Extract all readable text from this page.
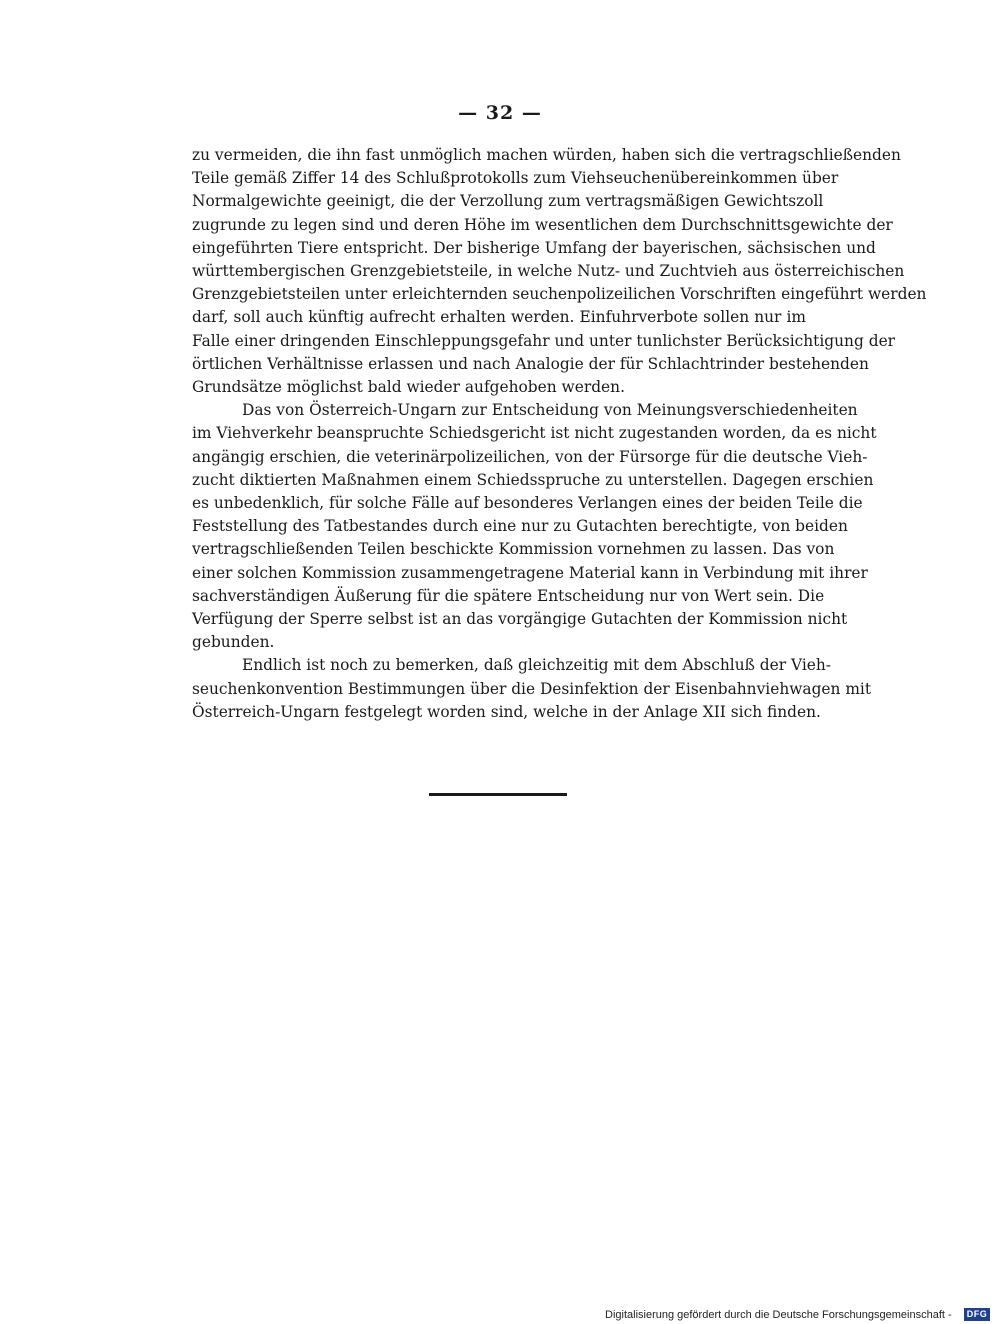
— 32 —
zu vermeiden, die ihn fast unmöglich machen würden, haben sich die vertragschließenden
Teile gemäß Ziffer 14 des Schlußprotokolls zum Viehseuchenübereinkommen über
Normalgewichte geeinigt, die der Verzollung zum vertragsmäßigen Gewichtszoll
zugrunde zu legen sind und deren Höhe im wesentlichen dem Durchschnittsgewichte der
eingeführten Tiere entspricht. Der bisherige Umfang der bayerischen, sächsischen und
württembergischen Grenzgebietsteile, in welche Nutz- und Zuchtvieh aus österreichischen
Grenzgebietsteilen unter erleichternden seuchenpolizeilichen Vorschriften eingeführt werden
darf, soll auch künftig aufrecht erhalten werden. Einfuhrverbote sollen nur im
Falle einer dringenden Einschleppungsgefahr und unter tunlichster Berücksichtigung der
örtlichen Verhältnisse erlassen und nach Analogie der für Schlachtrinder bestehenden
Grundsätze möglichst bald wieder aufgehoben werden.
Das von Österreich-Ungarn zur Entscheidung von Meinungsverschiedenheiten
im Viehverkehr beanspruchte Schiedsgericht ist nicht zugestanden worden, da es nicht
angängig erschien, die veterinärpolizeilichen, von der Fürsorge für die deutsche Vieh-
zucht diktierten Maßnahmen einem Schiedsspruche zu unterstellen. Dagegen erschien
es unbedenklich, für solche Fälle auf besonderes Verlangen eines der beiden Teile die
Feststellung des Tatbestandes durch eine nur zu Gutachten berechtigte, von beiden
vertragschließenden Teilen beschickte Kommission vornehmen zu lassen. Das von
einer solchen Kommission zusammengetragene Material kann in Verbindung mit ihrer
sachverständigen Äußerung für die spätere Entscheidung nur von Wert sein. Die
Verfügung der Sperre selbst ist an das vorgängige Gutachten der Kommission nicht
gebunden.
Endlich ist noch zu bemerken, daß gleichzeitig mit dem Abschluß der Vieh-
seuchenkonvention Bestimmungen über die Desinfektion der Eisenbahnviehwagen mit
Österreich-Ungarn festgelegt worden sind, welche in der Anlage XII sich finden.
Digitalisierung gefördert durch die Deutsche Forschungsgemeinschaft -	DFG
